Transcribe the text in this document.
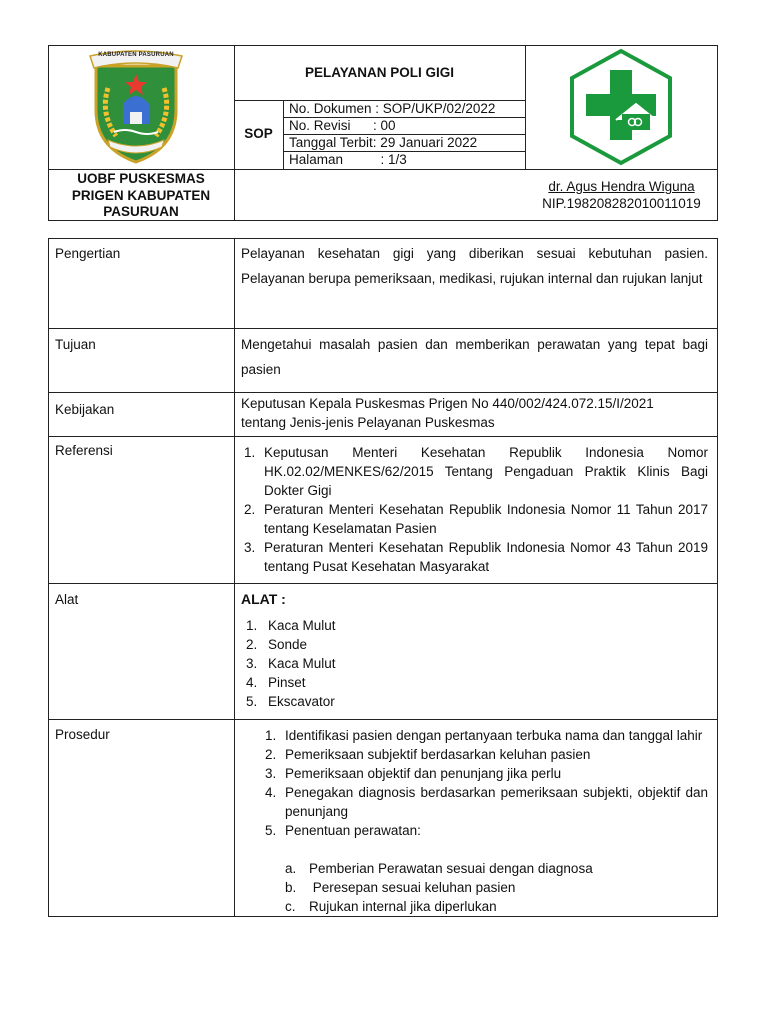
KABUPATEN PASURUAN
UOBF PUSKESMAS
PRIGEN KABUPATEN
PASURUAN
PELAYANAN POLI GIGI
SOP
No. Dokumen : SOP/UKP/02/2022
No. Revisi      : 00
Tanggal Terbit: 29 Januari 2022
Halaman          : 1/3
dr. Agus Hendra Wiguna
NIP.198208282010011019
Pengertian	Pelayanan kesehatan gigi yang diberikan sesuai kebutuhan pasien. Pelayanan berupa pemeriksaan, medikasi, rujukan internal dan rujukan lanjut
Tujuan	Mengetahui masalah pasien dan memberikan perawatan yang tepat bagi pasien
Kebijakan	Keputusan Kepala Puskesmas Prigen No 440/002/424.072.15/I/2021
tentang Jenis-jenis Pelayanan Puskesmas
Referensi	1. Keputusan Menteri Kesehatan Republik Indonesia Nomor HK.02.02/MENKES/62/2015 Tentang Pengaduan Praktik Klinis Bagi Dokter Gigi
2. Peraturan Menteri Kesehatan Republik Indonesia Nomor 11 Tahun 2017 tentang Keselamatan Pasien
3. Peraturan Menteri Kesehatan Republik Indonesia Nomor 43 Tahun 2019 tentang Pusat Kesehatan Masyarakat
Alat	ALAT :
1. Kaca Mulut
2. Sonde
3. Kaca Mulut
4. Pinset
5. Ekscavator
Prosedur	1. Identifikasi pasien dengan pertanyaan terbuka nama dan tanggal lahir
2. Pemeriksaan subjektif berdasarkan keluhan pasien
3. Pemeriksaan objektif dan penunjang jika perlu
4. Penegakan diagnosis berdasarkan pemeriksaan subjekti, objektif dan penunjang
5. Penentuan perawatan:
a. Pemberian Perawatan sesuai dengan diagnosa
b. Peresepan sesuai keluhan pasien
c. Rujukan internal jika diperlukan
